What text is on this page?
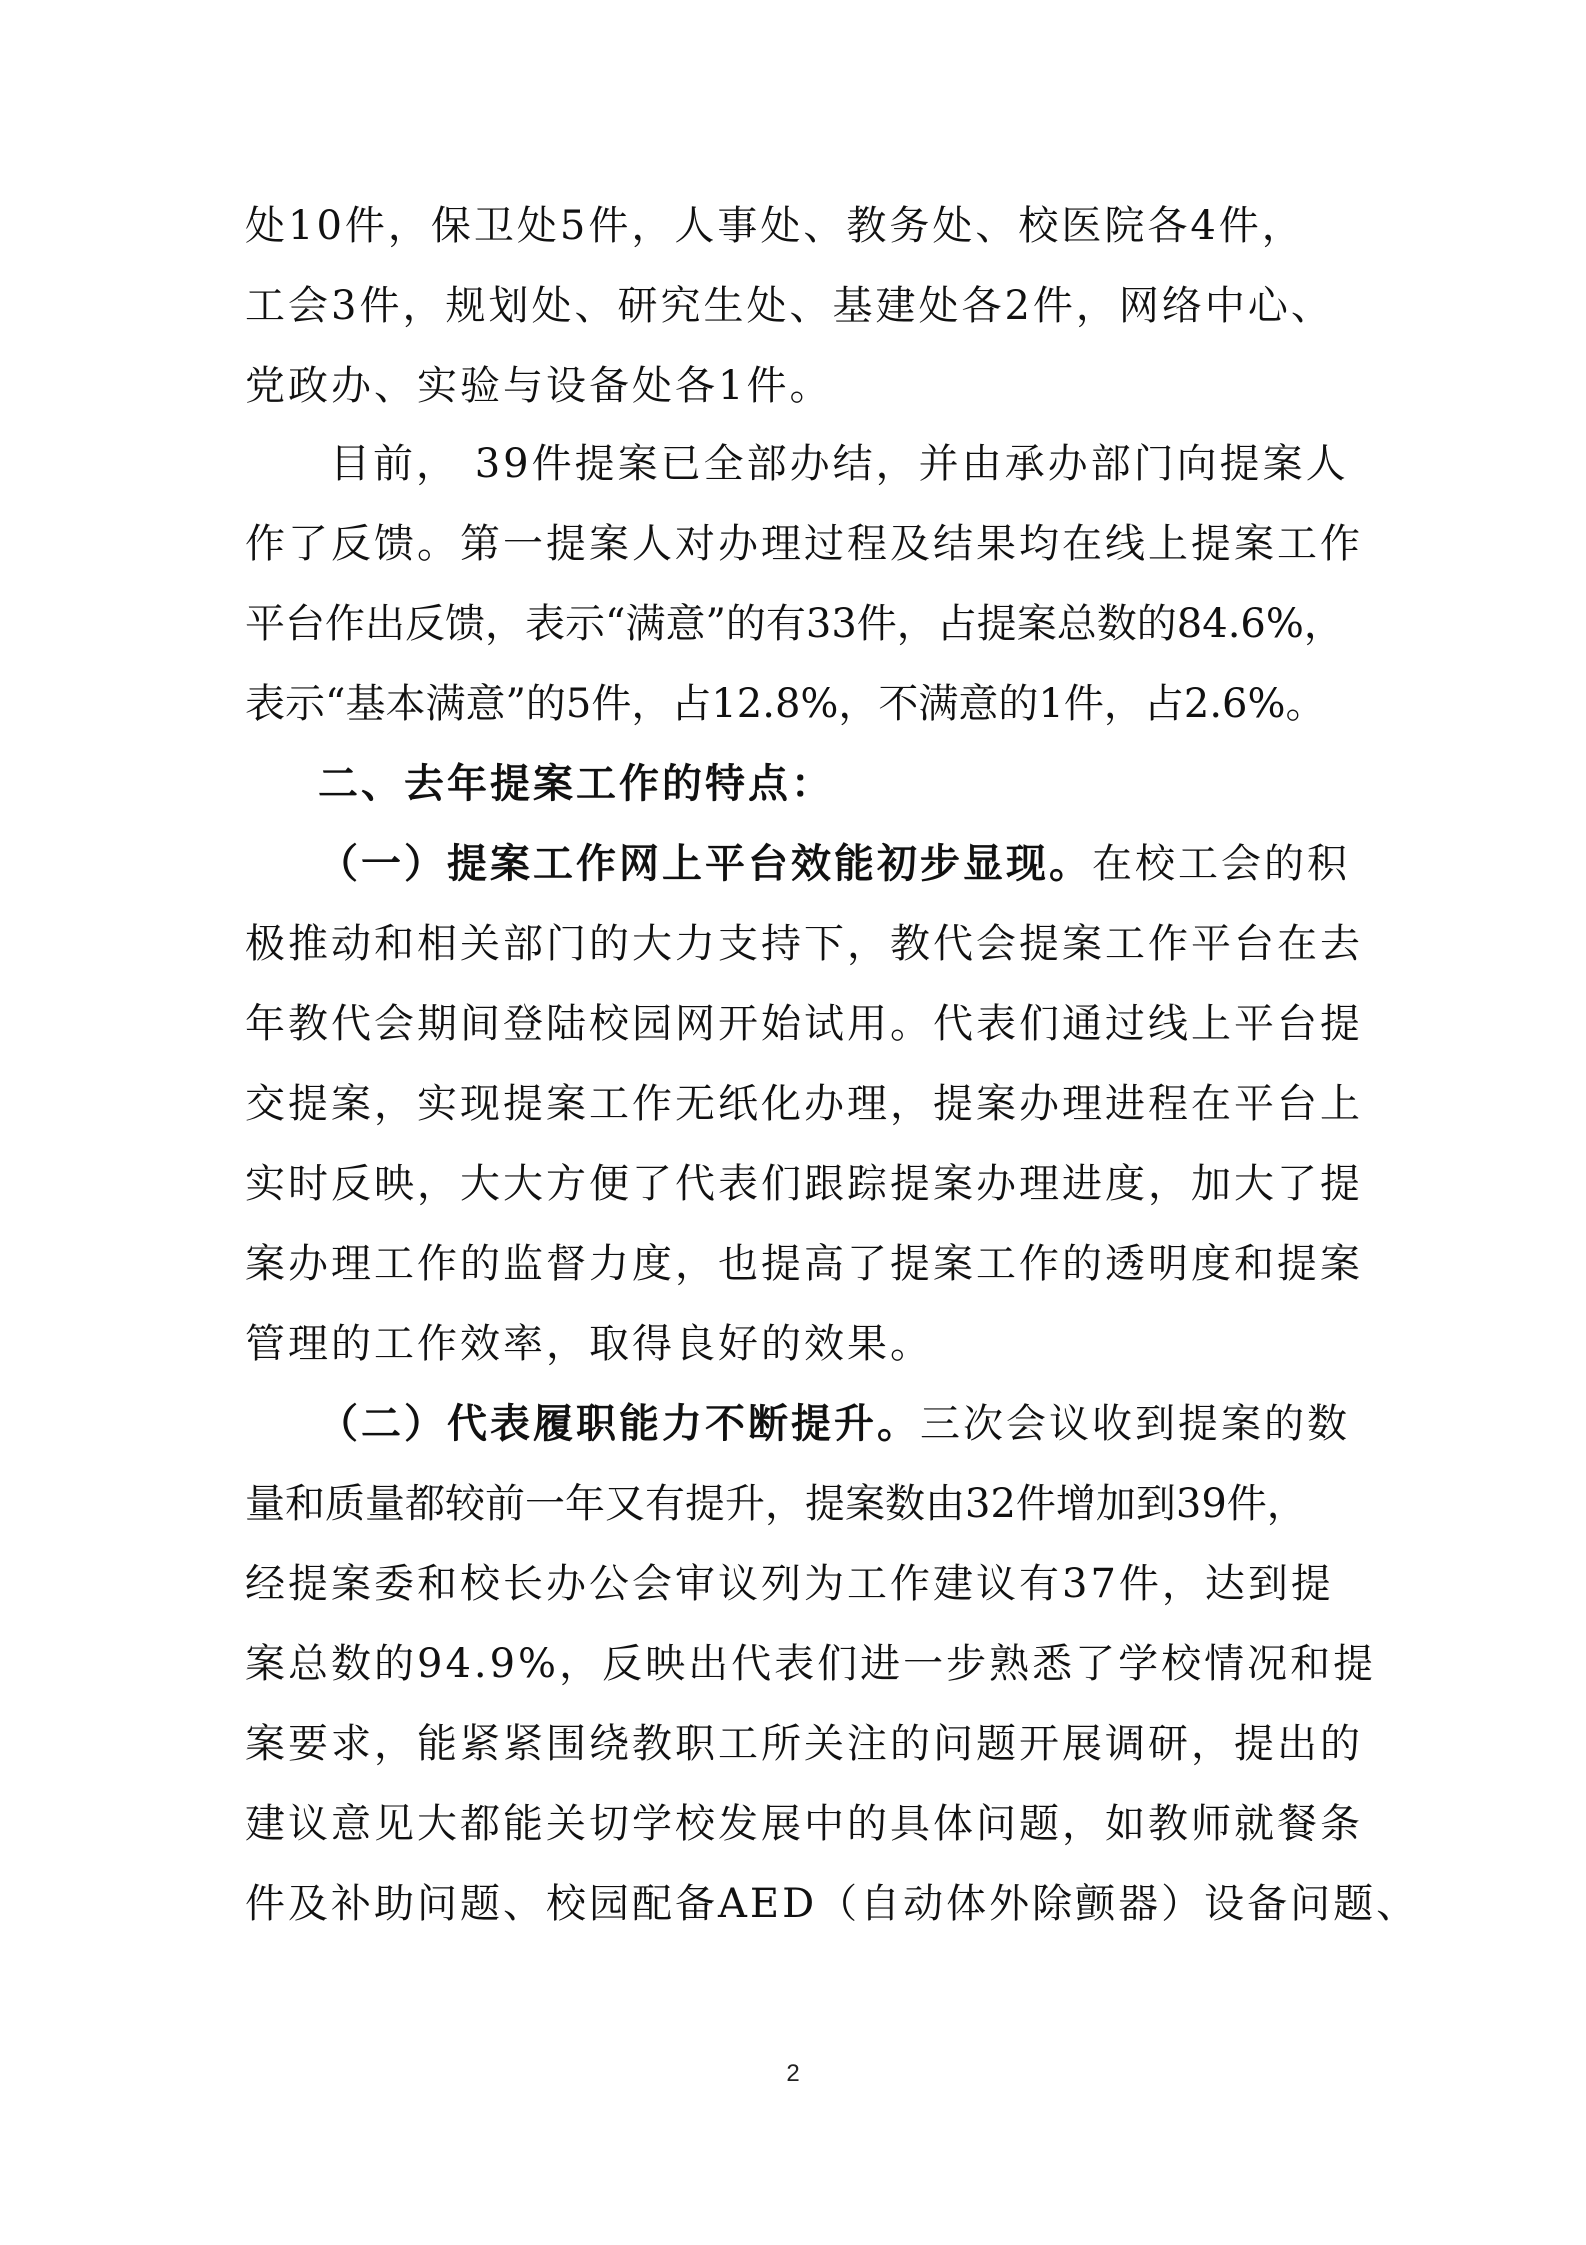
处10件，保卫处5件，人事处、教务处、校医院各4件，
工会3件，规划处、研究生处、基建处各2件，网络中心、
党政办、实验与设备处各1件。
目前， 39件提案已全部办结，并由承办部门向提案人
作了反馈。第一提案人对办理过程及结果均在线上提案工作
平台作出反馈，表示“满意”的有33件，占提案总数的84.6%，
表示“基本满意”的5件，占12.8%，不满意的1件，占2.6%。
二、去年提案工作的特点：
（一）提案工作网上平台效能初步显现。在校工会的积
极推动和相关部门的大力支持下，教代会提案工作平台在去
年教代会期间登陆校园网开始试用。代表们通过线上平台提
交提案，实现提案工作无纸化办理，提案办理进程在平台上
实时反映，大大方便了代表们跟踪提案办理进度，加大了提
案办理工作的监督力度，也提高了提案工作的透明度和提案
管理的工作效率，取得良好的效果。
（二）代表履职能力不断提升。三次会议收到提案的数
量和质量都较前一年又有提升，提案数由32件增加到39件，
经提案委和校长办公会审议列为工作建议有37件，达到提
案总数的94.9%，反映出代表们进一步熟悉了学校情况和提
案要求，能紧紧围绕教职工所关注的问题开展调研，提出的
建议意见大都能关切学校发展中的具体问题，如教师就餐条
件及补助问题、校园配备AED（自动体外除颤器）设备问题、
2
